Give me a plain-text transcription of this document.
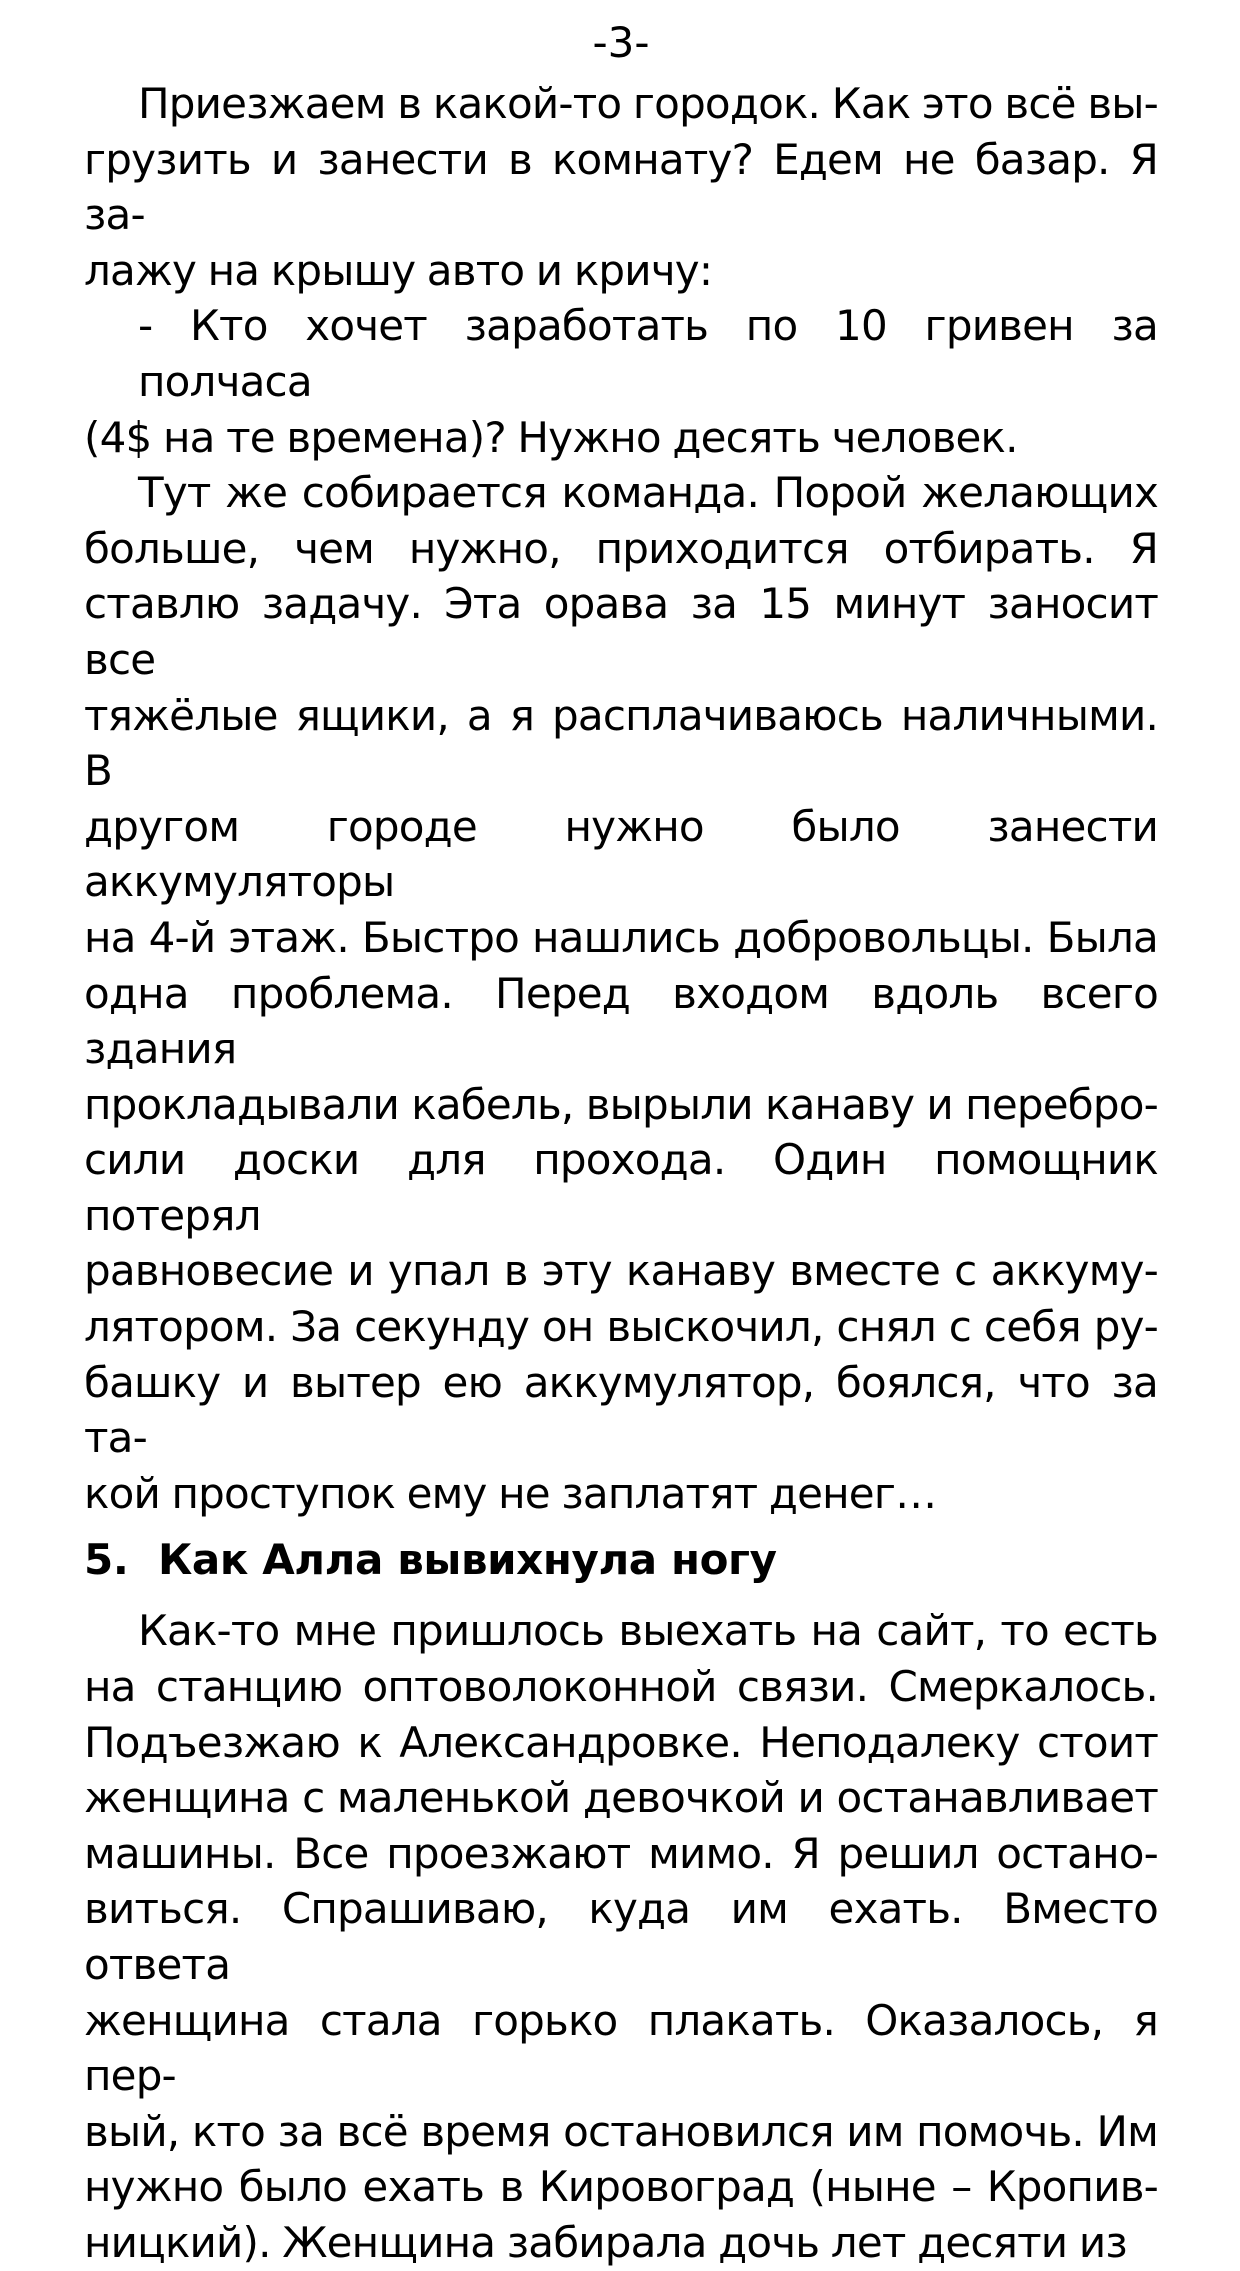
-3-
Приезжаем в какой-то городок. Как это всё вы-
грузить и занести в комнату? Едем не базар. Я за-
лажу на крышу авто и кричу:
- Кто хочет заработать по 10 гривен за полчаса
(4$ на те времена)? Нужно десять человек.
Тут же собирается команда. Порой желающих
больше, чем нужно, приходится отбирать. Я
ставлю задачу. Эта орава за 15 минут заносит все
тяжёлые ящики, а я расплачиваюсь наличными. В
другом городе нужно было занести аккумуляторы
на 4-й этаж. Быстро нашлись добровольцы. Была
одна проблема. Перед входом вдоль всего здания
прокладывали кабель, вырыли канаву и перебро-
сили доски для прохода. Один помощник потерял
равновесие и упал в эту канаву вместе с аккуму-
лятором. За секунду он выскочил, снял с себя ру-
башку и вытер ею аккумулятор, боялся, что за та-
кой проступок ему не заплатят денег…
5. Как Алла вывихнула ногу
Как-то мне пришлось выехать на сайт, то есть
на станцию оптоволоконной связи. Смеркалось.
Подъезжаю к Александровке. Неподалеку стоит
женщина с маленькой девочкой и останавливает
машины. Все проезжают мимо. Я решил остано-
виться. Спрашиваю, куда им ехать. Вместо ответа
женщина стала горько плакать. Оказалось, я пер-
вый, кто за всё время остановился им помочь. Им
нужно было ехать в Кировоград (ныне – Кропив-
ницкий). Женщина забирала дочь лет десяти из
